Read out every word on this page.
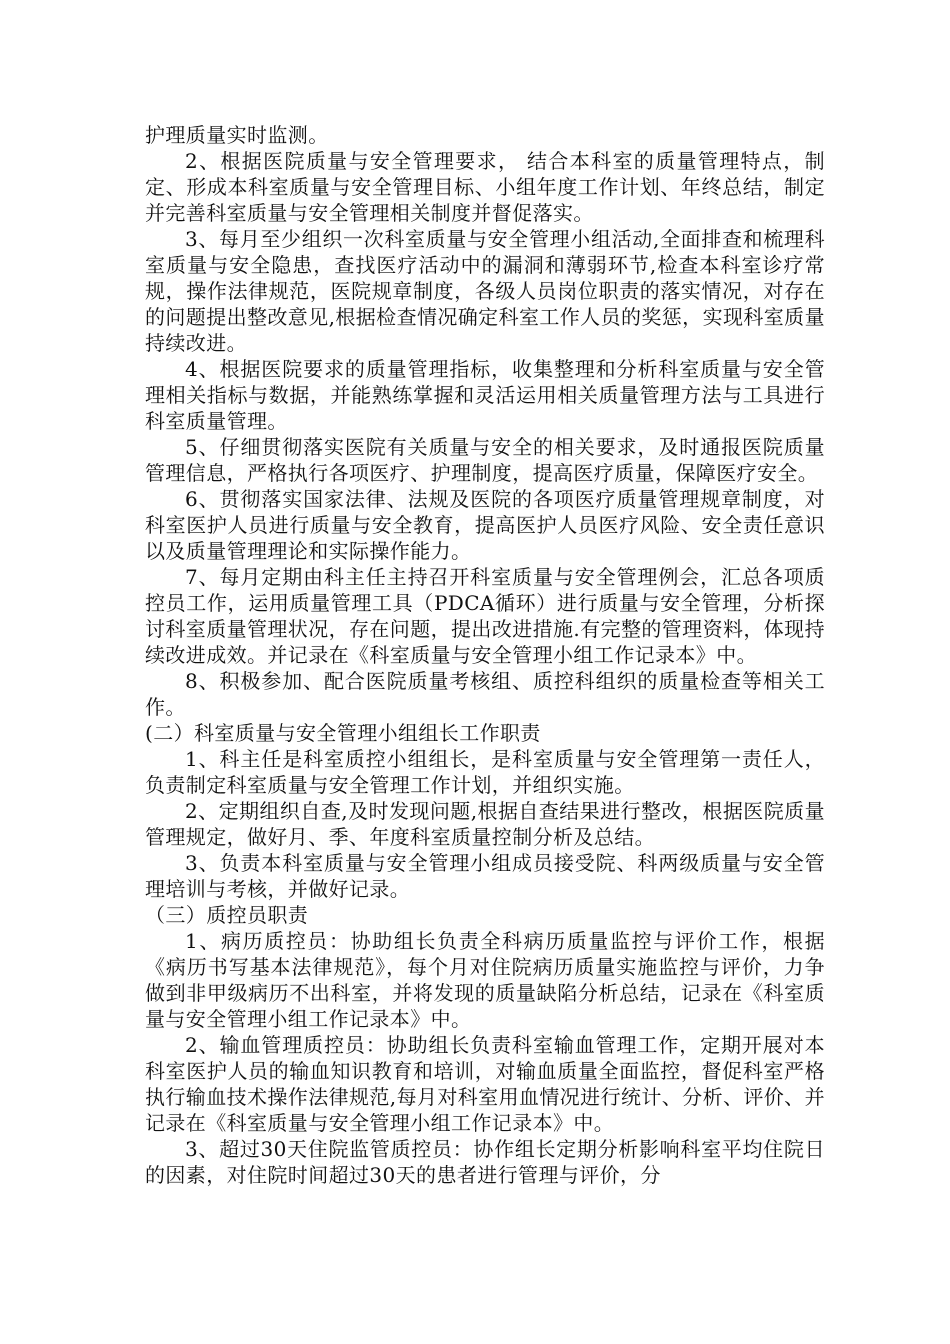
护理质量实时监测。

2、根据医院质量与安全管理要求， 结合本科室的质量管理特点，制定、形成本科室质量与安全管理目标、小组年度工作计划、年终总结，制定并完善科室质量与安全管理相关制度并督促落实。

3、每月至少组织一次科室质量与安全管理小组活动,全面排查和梳理科室质量与安全隐患，查找医疗活动中的漏洞和薄弱环节,检查本科室诊疗常规，操作法律规范，医院规章制度，各级人员岗位职责的落实情况，对存在的问题提出整改意见,根据检查情况确定科室工作人员的奖惩，实现科室质量持续改进。

4、根据医院要求的质量管理指标，收集整理和分析科室质量与安全管理相关指标与数据，并能熟练掌握和灵活运用相关质量管理方法与工具进行科室质量管理。

5、仔细贯彻落实医院有关质量与安全的相关要求，及时通报医院质量管理信息，严格执行各项医疗、护理制度，提高医疗质量，保障医疗安全。

6、贯彻落实国家法律、法规及医院的各项医疗质量管理规章制度，对科室医护人员进行质量与安全教育，提高医护人员医疗风险、安全责任意识以及质量管理理论和实际操作能力。

7、每月定期由科主任主持召开科室质量与安全管理例会，汇总各项质控员工作，运用质量管理工具（PDCA循环）进行质量与安全管理，分析探讨科室质量管理状况，存在问题，提出改进措施.有完整的管理资料，体现持续改进成效。并记录在《科室质量与安全管理小组工作记录本》中。

8、积极参加、配合医院质量考核组、质控科组织的质量检查等相关工作。

(二）科室质量与安全管理小组组长工作职责

1、科主任是科室质控小组组长，是科室质量与安全管理第一责任人，负责制定科室质量与安全管理工作计划，并组织实施。

2、定期组织自查,及时发现问题,根据自查结果进行整改，根据医院质量管理规定，做好月、季、年度科室质量控制分析及总结。

3、负责本科室质量与安全管理小组成员接受院、科两级质量与安全管理培训与考核，并做好记录。

（三）质控员职责

1、病历质控员：协助组长负责全科病历质量监控与评价工作，根据《病历书写基本法律规范》，每个月对住院病历质量实施监控与评价，力争做到非甲级病历不出科室，并将发现的质量缺陷分析总结，记录在《科室质量与安全管理小组工作记录本》中。

2、输血管理质控员：协助组长负责科室输血管理工作，定期开展对本科室医护人员的输血知识教育和培训，对输血质量全面监控，督促科室严格执行输血技术操作法律规范,每月对科室用血情况进行统计、分析、评价、并记录在《科室质量与安全管理小组工作记录本》中。

3、超过30天住院监管质控员：协作组长定期分析影响科室平均住院日的因素，对住院时间超过30天的患者进行管理与评价，分
